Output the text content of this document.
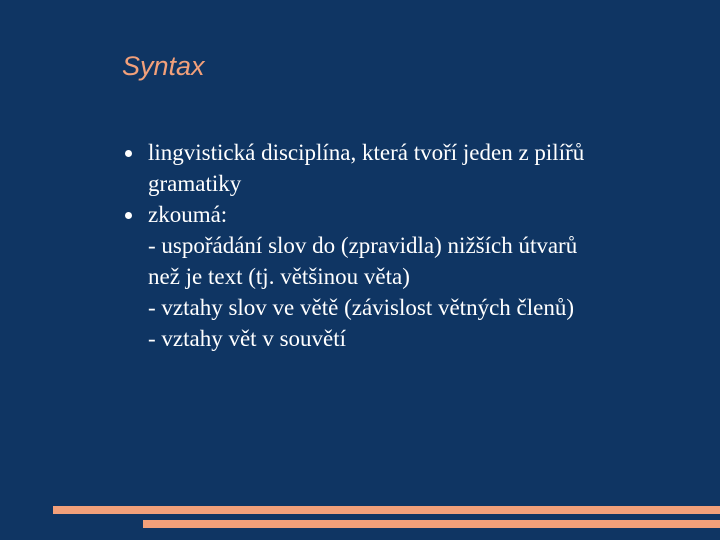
Syntax
lingvistická disciplína, která tvoří jeden z pilířů
gramatiky
zkoumá:
- uspořádání slov do (zpravidla) nižších útvarů
než je text (tj. většinou věta)
- vztahy slov ve větě (závislost větných členů)
- vztahy vět v souvětí
